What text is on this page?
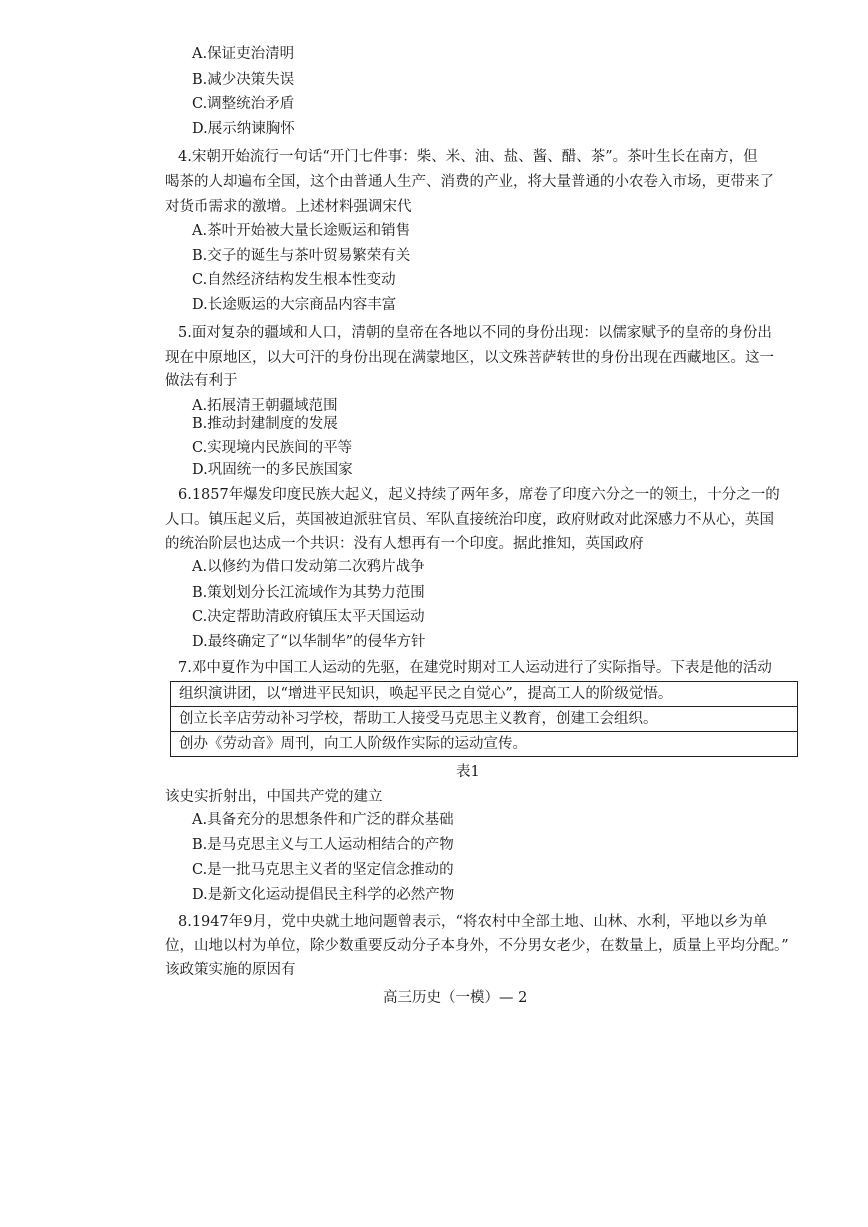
A.保证吏治清明
B.减少决策失误
C.调整统治矛盾
D.展示纳谏胸怀
4.宋朝开始流行一句话“开门七件事：柴、米、油、盐、酱、醋、茶”。茶叶生长在南方，但
喝茶的人却遍布全国，这个由普通人生产、消费的产业，将大量普通的小农卷入市场，更带来了
对货币需求的激增。上述材料强调宋代
A.茶叶开始被大量长途贩运和销售
B.交子的诞生与茶叶贸易繁荣有关
C.自然经济结构发生根本性变动
D.长途贩运的大宗商品内容丰富
5.面对复杂的疆域和人口，清朝的皇帝在各地以不同的身份出现：以儒家赋予的皇帝的身份出
现在中原地区，以大可汗的身份出现在满蒙地区，以文殊菩萨转世的身份出现在西藏地区。这一
做法有利于
A.拓展清王朝疆域范围
B.推动封建制度的发展
C.实现境内民族间的平等
D.巩固统一的多民族国家
6.1857年爆发印度民族大起义，起义持续了两年多，席卷了印度六分之一的领土，十分之一的
人口。镇压起义后，英国被迫派驻官员、军队直接统治印度，政府财政对此深感力不从心，英国
的统治阶层也达成一个共识：没有人想再有一个印度。据此推知，英国政府
A.以修约为借口发动第二次鸦片战争
B.策划划分长江流域作为其势力范围
C.决定帮助清政府镇压太平天国运动
D.最终确定了“以华制华”的侵华方针
7.邓中夏作为中国工人运动的先驱，在建党时期对工人运动进行了实际指导。下表是他的活动
组织演讲团，以“增进平民知识，唤起平民之自觉心”，提高工人的阶级觉悟。
创立长辛店劳动补习学校，帮助工人接受马克思主义教育，创建工会组织。
创办《劳动音》周刊，向工人阶级作实际的运动宣传。
表1
该史实折射出，中国共产党的建立
A.具备充分的思想条件和广泛的群众基础
B.是马克思主义与工人运动相结合的产物
C.是一批马克思主义者的坚定信念推动的
D.是新文化运动提倡民主科学的必然产物
8.1947年9月，党中央就土地问题曾表示，“将农村中全部土地、山林、水利，平地以乡为单
位，山地以村为单位，除少数重要反动分子本身外，不分男女老少，在数量上，质量上平均分配。”
该政策实施的原因有
高三历史（一模）— 2
